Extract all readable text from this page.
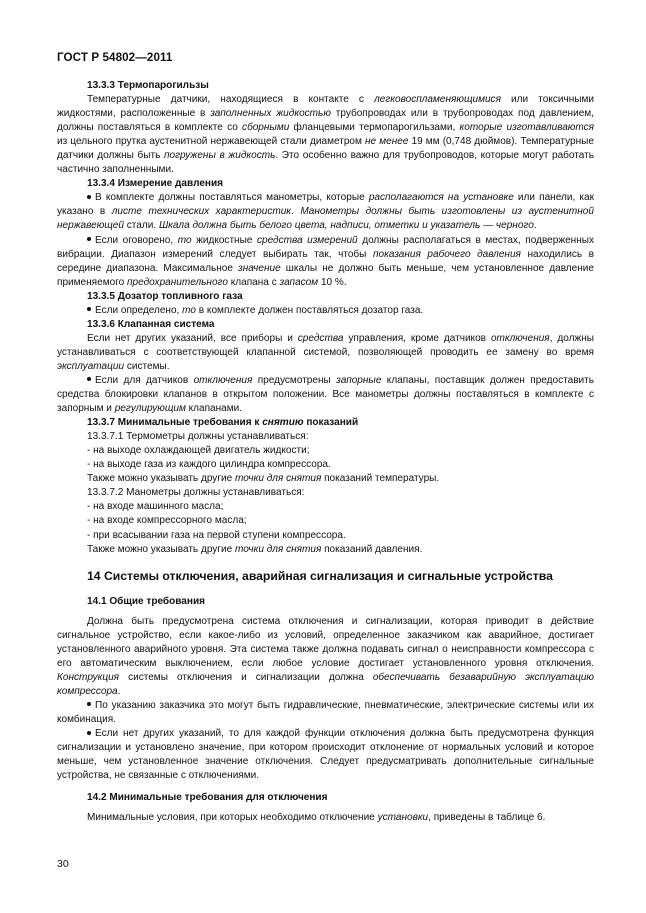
ГОСТ Р 54802—2011

13.3.3 Термопарогильзы

Температурные датчики, находящиеся в контакте с легковоспламеняющимися или токсичными жидкостями, расположенные в заполненных жидкостью трубопроводах или в трубопроводах под давлением, должны поставляться в комплекте со сборными фланцевыми термопарогильзами, которые изготавливаются из цельного прутка аустенитной нержавеющей стали диаметром не менее 19 мм (0,748 дюймов). Температурные датчики должны быть погружены в жидкость. Это особенно важно для трубопроводов, которые могут работать частично заполненными.

13.3.4 Измерение давления

В комплекте должны поставляться манометры, которые располагаются на установке или панели, как указано в листе технических характеристик. Манометры должны быть изготовлены из аустенитной нержавеющей стали. Шкала должна быть белого цвета, надписи, отметки и указатель — черного.

Если оговорено, то жидкостные средства измерений должны располагаться в местах, подверженных вибрации. Диапазон измерений следует выбирать так, чтобы показания рабочего давления находились в середине диапазона. Максимальное значение шкалы не должно быть меньше, чем установленное давление применяемого предохранительного клапана с запасом 10 %.

13.3.5 Дозатор топливного газа

Если определено, то в комплекте должен поставляться дозатор газа.

13.3.6 Клапанная система

Если нет других указаний, все приборы и средства управления, кроме датчиков отключения, должны устанавливаться с соответствующей клапанной системой, позволяющей проводить ее замену во время эксплуатации системы.

Если для датчиков отключения предусмотрены запорные клапаны, поставщик должен предоставить средства блокировки клапанов в открытом положении. Все манометры должны поставляться в комплекте с запорным и регулирующим клапанами.

13.3.7 Минимальные требования к снятию показаний

13.3.7.1 Термометры должны устанавливаться:

- на выходе охлаждающей двигатель жидкости;

- на выходе газа из каждого цилиндра компрессора.

Также можно указывать другие точки для снятия показаний температуры.

13.3.7.2 Манометры должны устанавливаться:

- на входе машинного масла;

- на входе компрессорного масла;

- при всасывании газа на первой ступени компрессора.

Также можно указывать другие точки для снятия показаний давления.

14 Системы отключения, аварийная сигнализация и сигнальные устройства

14.1 Общие требования

Должна быть предусмотрена система отключения и сигнализации, которая приводит в действие сигнальное устройство, если какое-либо из условий, определенное заказчиком как аварийное, достигает установленного аварийного уровня. Эта система также должна подавать сигнал о неисправности компрессора с его автоматическим выключением, если любое условие достигает установленного уровня отключения. Конструкция системы отключения и сигнализации должна обеспечивать безаварийную эксплуатацию компрессора.

По указанию заказчика это могут быть гидравлические, пневматические, электрические системы или их комбинация.

Если нет других указаний, то для каждой функции отключения должна быть предусмотрена функция сигнализации и установлено значение, при котором происходит отклонение от нормальных условий и которое меньше, чем установленное значение отключения. Следует предусматривать дополнительные сигнальные устройства, не связанные с отключениями.

14.2 Минимальные требования для отключения

Минимальные условия, при которых необходимо отключение установки, приведены в таблице 6.

30
